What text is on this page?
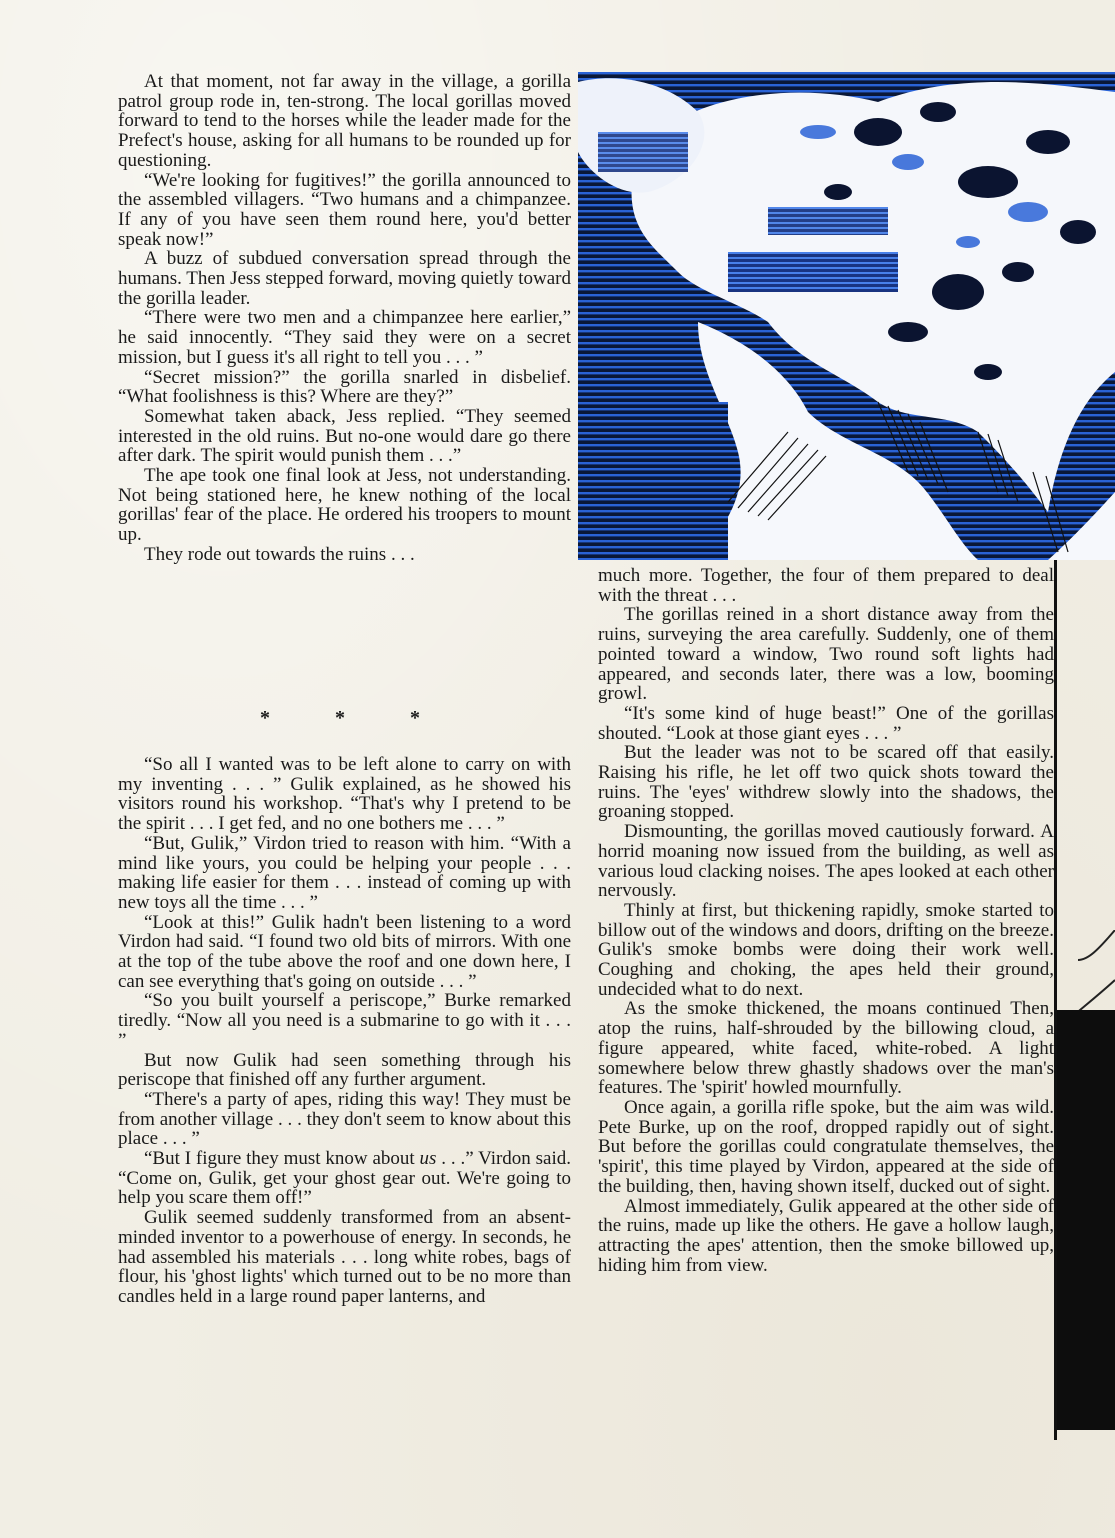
At that moment, not far away in the village, a gorilla patrol group rode in, ten-strong. The local gorillas moved forward to tend to the horses while the leader made for the Prefect's house, asking for all humans to be rounded up for questioning.

“We're looking for fugitives!” the gorilla announced to the assembled villagers. “Two humans and a chimpanzee. If any of you have seen them round here, you'd better speak now!”

A buzz of subdued conversation spread through the humans. Then Jess stepped forward, moving quietly toward the gorilla leader.

“There were two men and a chimpanzee here earlier,” he said innocently. “They said they were on a secret mission, but I guess it's all right to tell you . . . ”

“Secret mission?” the gorilla snarled in disbelief. “What foolishness is this? Where are they?”

Somewhat taken aback, Jess replied. “They seemed interested in the old ruins. But no-one would dare go there after dark. The spirit would punish them . . .”

The ape took one final look at Jess, not understanding. Not being stationed here, he knew nothing of the local gorillas' fear of the place. He ordered his troopers to mount up.

They rode out towards the ruins . . .

*	*	*

“So all I wanted was to be left alone to carry on with my inventing . . . ” Gulik explained, as he showed his visitors round his workshop. “That's why I pretend to be the spirit . . . I get fed, and no one bothers me . . . ”

“But, Gulik,” Virdon tried to reason with him. “With a mind like yours, you could be helping your people . . . making life easier for them . . . instead of coming up with new toys all the time . . . ”

“Look at this!” Gulik hadn't been listening to a word Virdon had said. “I found two old bits of mirrors. With one at the top of the tube above the roof and one down here, I can see everything that's going on outside . . . ”

“So you built yourself a periscope,” Burke remarked tiredly. “Now all you need is a submarine to go with it . . . ”

But now Gulik had seen something through his periscope that finished off any further argument.

“There's a party of apes, riding this way! They must be from another village . . . they don't seem to know about this place . . . ”

“But I figure they must know about us . . .” Virdon said. “Come on, Gulik, get your ghost gear out. We're going to help you scare them off!”

Gulik seemed suddenly transformed from an absent-minded inventor to a powerhouse of energy. In seconds, he had assembled his materials . . . long white robes, bags of flour, his 'ghost lights' which turned out to be no more than candles held in a large round paper lanterns, and

much more. Together, the four of them prepared to deal with the threat . . .

The gorillas reined in a short distance away from the ruins, surveying the area carefully. Suddenly, one of them pointed toward a window, Two round soft lights had appeared, and seconds later, there was a low, booming growl.

“It's some kind of huge beast!” One of the gorillas shouted. “Look at those giant eyes . . . ”

But the leader was not to be scared off that easily. Raising his rifle, he let off two quick shots toward the ruins. The 'eyes' withdrew slowly into the shadows, the groaning stopped.

Dismounting, the gorillas moved cautiously forward. A horrid moaning now issued from the building, as well as various loud clacking noises. The apes looked at each other nervously.

Thinly at first, but thickening rapidly, smoke started to billow out of the windows and doors, drifting on the breeze. Gulik's smoke bombs were doing their work well. Coughing and choking, the apes held their ground, undecided what to do next.

As the smoke thickened, the moans continued Then, atop the ruins, half-shrouded by the billowing cloud, a figure appeared, white faced, white-robed. A light somewhere below threw ghastly shadows over the man's features. The 'spirit' howled mournfully.

Once again, a gorilla rifle spoke, but the aim was wild. Pete Burke, up on the roof, dropped rapidly out of sight. But before the gorillas could congratulate themselves, the 'spirit', this time played by Virdon, appeared at the side of the building, then, having shown itself, ducked out of sight.

Almost immediately, Gulik appeared at the other side of the ruins, made up like the others. He gave a hollow laugh, attracting the apes' attention, then the smoke billowed up, hiding him from view.
